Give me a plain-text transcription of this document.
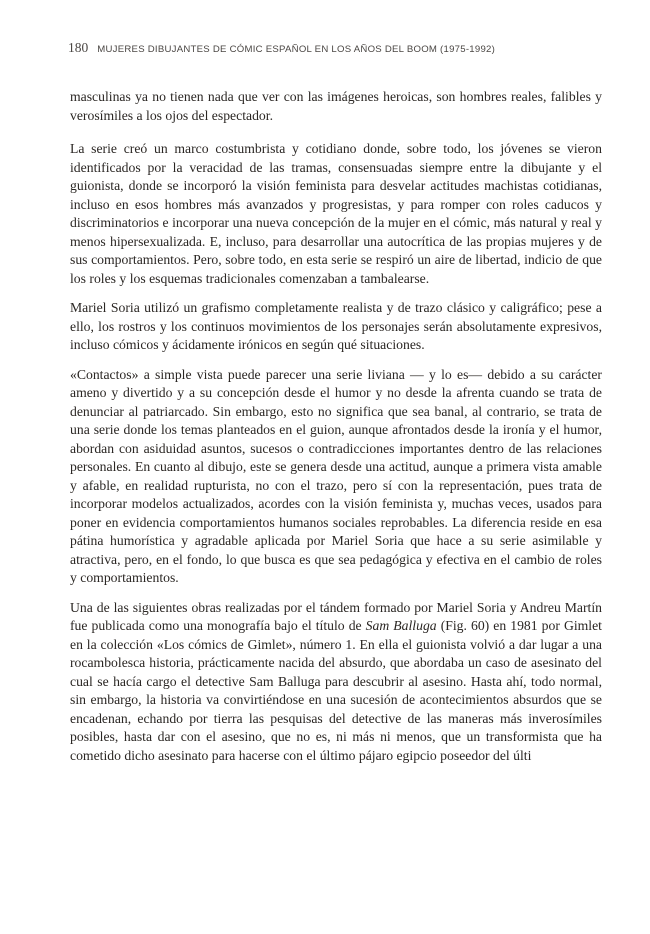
180 MUJERES DIBUJANTES DE CÓMIC ESPAÑOL EN LOS AÑOS DEL BOOM (1975-1992)

masculinas ya no tienen nada que ver con las imágenes heroicas, son hombres reales, falibles y verosímiles a los ojos del espectador.

La serie creó un marco costumbrista y cotidiano donde, sobre todo, los jóvenes se vieron identificados por la veracidad de las tramas, consensuadas siempre entre la dibujante y el guionista, donde se incorporó la visión feminista para desvelar actitudes machistas cotidianas, incluso en esos hombres más avanzados y progresistas, y para romper con roles caducos y discriminatorios e incorporar una nueva concepción de la mujer en el cómic, más natural y real y menos hipersexualizada. E, incluso, para desarrollar una autocrítica de las propias mujeres y de sus comportamientos. Pero, sobre todo, en esta serie se respiró un aire de libertad, indicio de que los roles y los esquemas tradicionales comenzaban a tambalearse.

Mariel Soria utilizó un grafismo completamente realista y de trazo clásico y caligráfico; pese a ello, los rostros y los continuos movimientos de los personajes serán absolutamente expresivos, incluso cómicos y ácidamente irónicos en según qué situaciones.

«Contactos» a simple vista puede parecer una serie liviana — y lo es— debido a su carácter ameno y divertido y a su concepción desde el humor y no desde la afrenta cuando se trata de denunciar al patriarcado. Sin embargo, esto no significa que sea banal, al contrario, se trata de una serie donde los temas planteados en el guion, aunque afrontados desde la ironía y el humor, abordan con asiduidad asuntos, sucesos o contradicciones importantes dentro de las relaciones personales. En cuanto al dibujo, este se genera desde una actitud, aunque a primera vista amable y afable, en realidad rupturista, no con el trazo, pero sí con la representación, pues trata de incorporar modelos actualizados, acordes con la visión feminista y, muchas veces, usados para poner en evidencia comportamientos humanos sociales reprobables. La diferencia reside en esa pátina humorística y agradable aplicada por Mariel Soria que hace a su serie asimilable y atractiva, pero, en el fondo, lo que busca es que sea pedagógica y efectiva en el cambio de roles y comportamientos.

Una de las siguientes obras realizadas por el tándem formado por Mariel Soria y Andreu Martín fue publicada como una monografía bajo el título de Sam Balluga (Fig. 60) en 1981 por Gimlet en la colección «Los cómics de Gimlet», número 1. En ella el guionista volvió a dar lugar a una rocambolesca historia, prácticamente nacida del absurdo, que abordaba un caso de asesinato del cual se hacía cargo el detective Sam Balluga para descubrir al asesino. Hasta ahí, todo normal, sin embargo, la historia va convirtiéndose en una sucesión de acontecimientos absurdos que se encadenan, echando por tierra las pesquisas del detective de las maneras más inverosímiles posibles, hasta dar con el asesino, que no es, ni más ni menos, que un transformista que ha cometido dicho asesinato para hacerse con el último pájaro egipcio poseedor del últi
